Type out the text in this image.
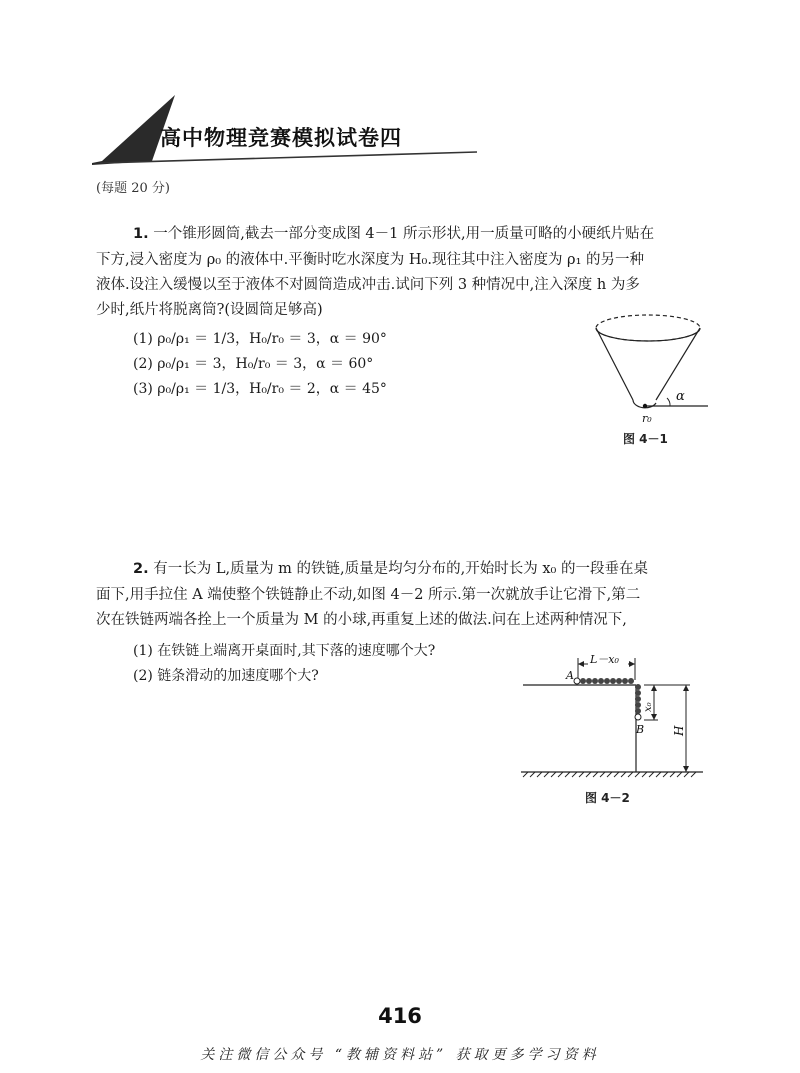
高中物理竞赛模拟试卷四
(每题 20 分)
1. 一个锥形圆筒,截去一部分变成图 4－1 所示形状,用一质量可略的小硬纸片贴在
下方,浸入密度为 ρ₀ 的液体中.平衡时吃水深度为 H₀.现往其中注入密度为 ρ₁ 的另一种
液体.设注入缓慢以至于液体不对圆筒造成冲击.试问下列 3 种情况中,注入深度 h 为多
少时,纸片将脱离筒?(设圆筒足够高)
(1) ρ₀/ρ₁ ＝ 1/3，H₀/r₀ ＝ 3，α ＝ 90°
(2) ρ₀/ρ₁ ＝ 3，H₀/r₀ ＝ 3，α ＝ 60°
(3) ρ₀/ρ₁ ＝ 1/3，H₀/r₀ ＝ 2，α ＝ 45°	α
r₀
图 4－1
2. 有一长为 L,质量为 m 的铁链,质量是均匀分布的,开始时长为 x₀ 的一段垂在桌
面下,用手拉住 A 端使整个铁链静止不动,如图 4－2 所示.第一次就放手让它滑下,第二
次在铁链两端各拴上一个质量为 M 的小球,再重复上述的做法.问在上述两种情况下,
(1) 在铁链上端离开桌面时,其下落的速度哪个大?
(2) 链条滑动的加速度哪个大?
L－x₀
A
B
x₀
H
图 4－2
416
关注微信公众号 “教辅资料站” 获取更多学习资料
